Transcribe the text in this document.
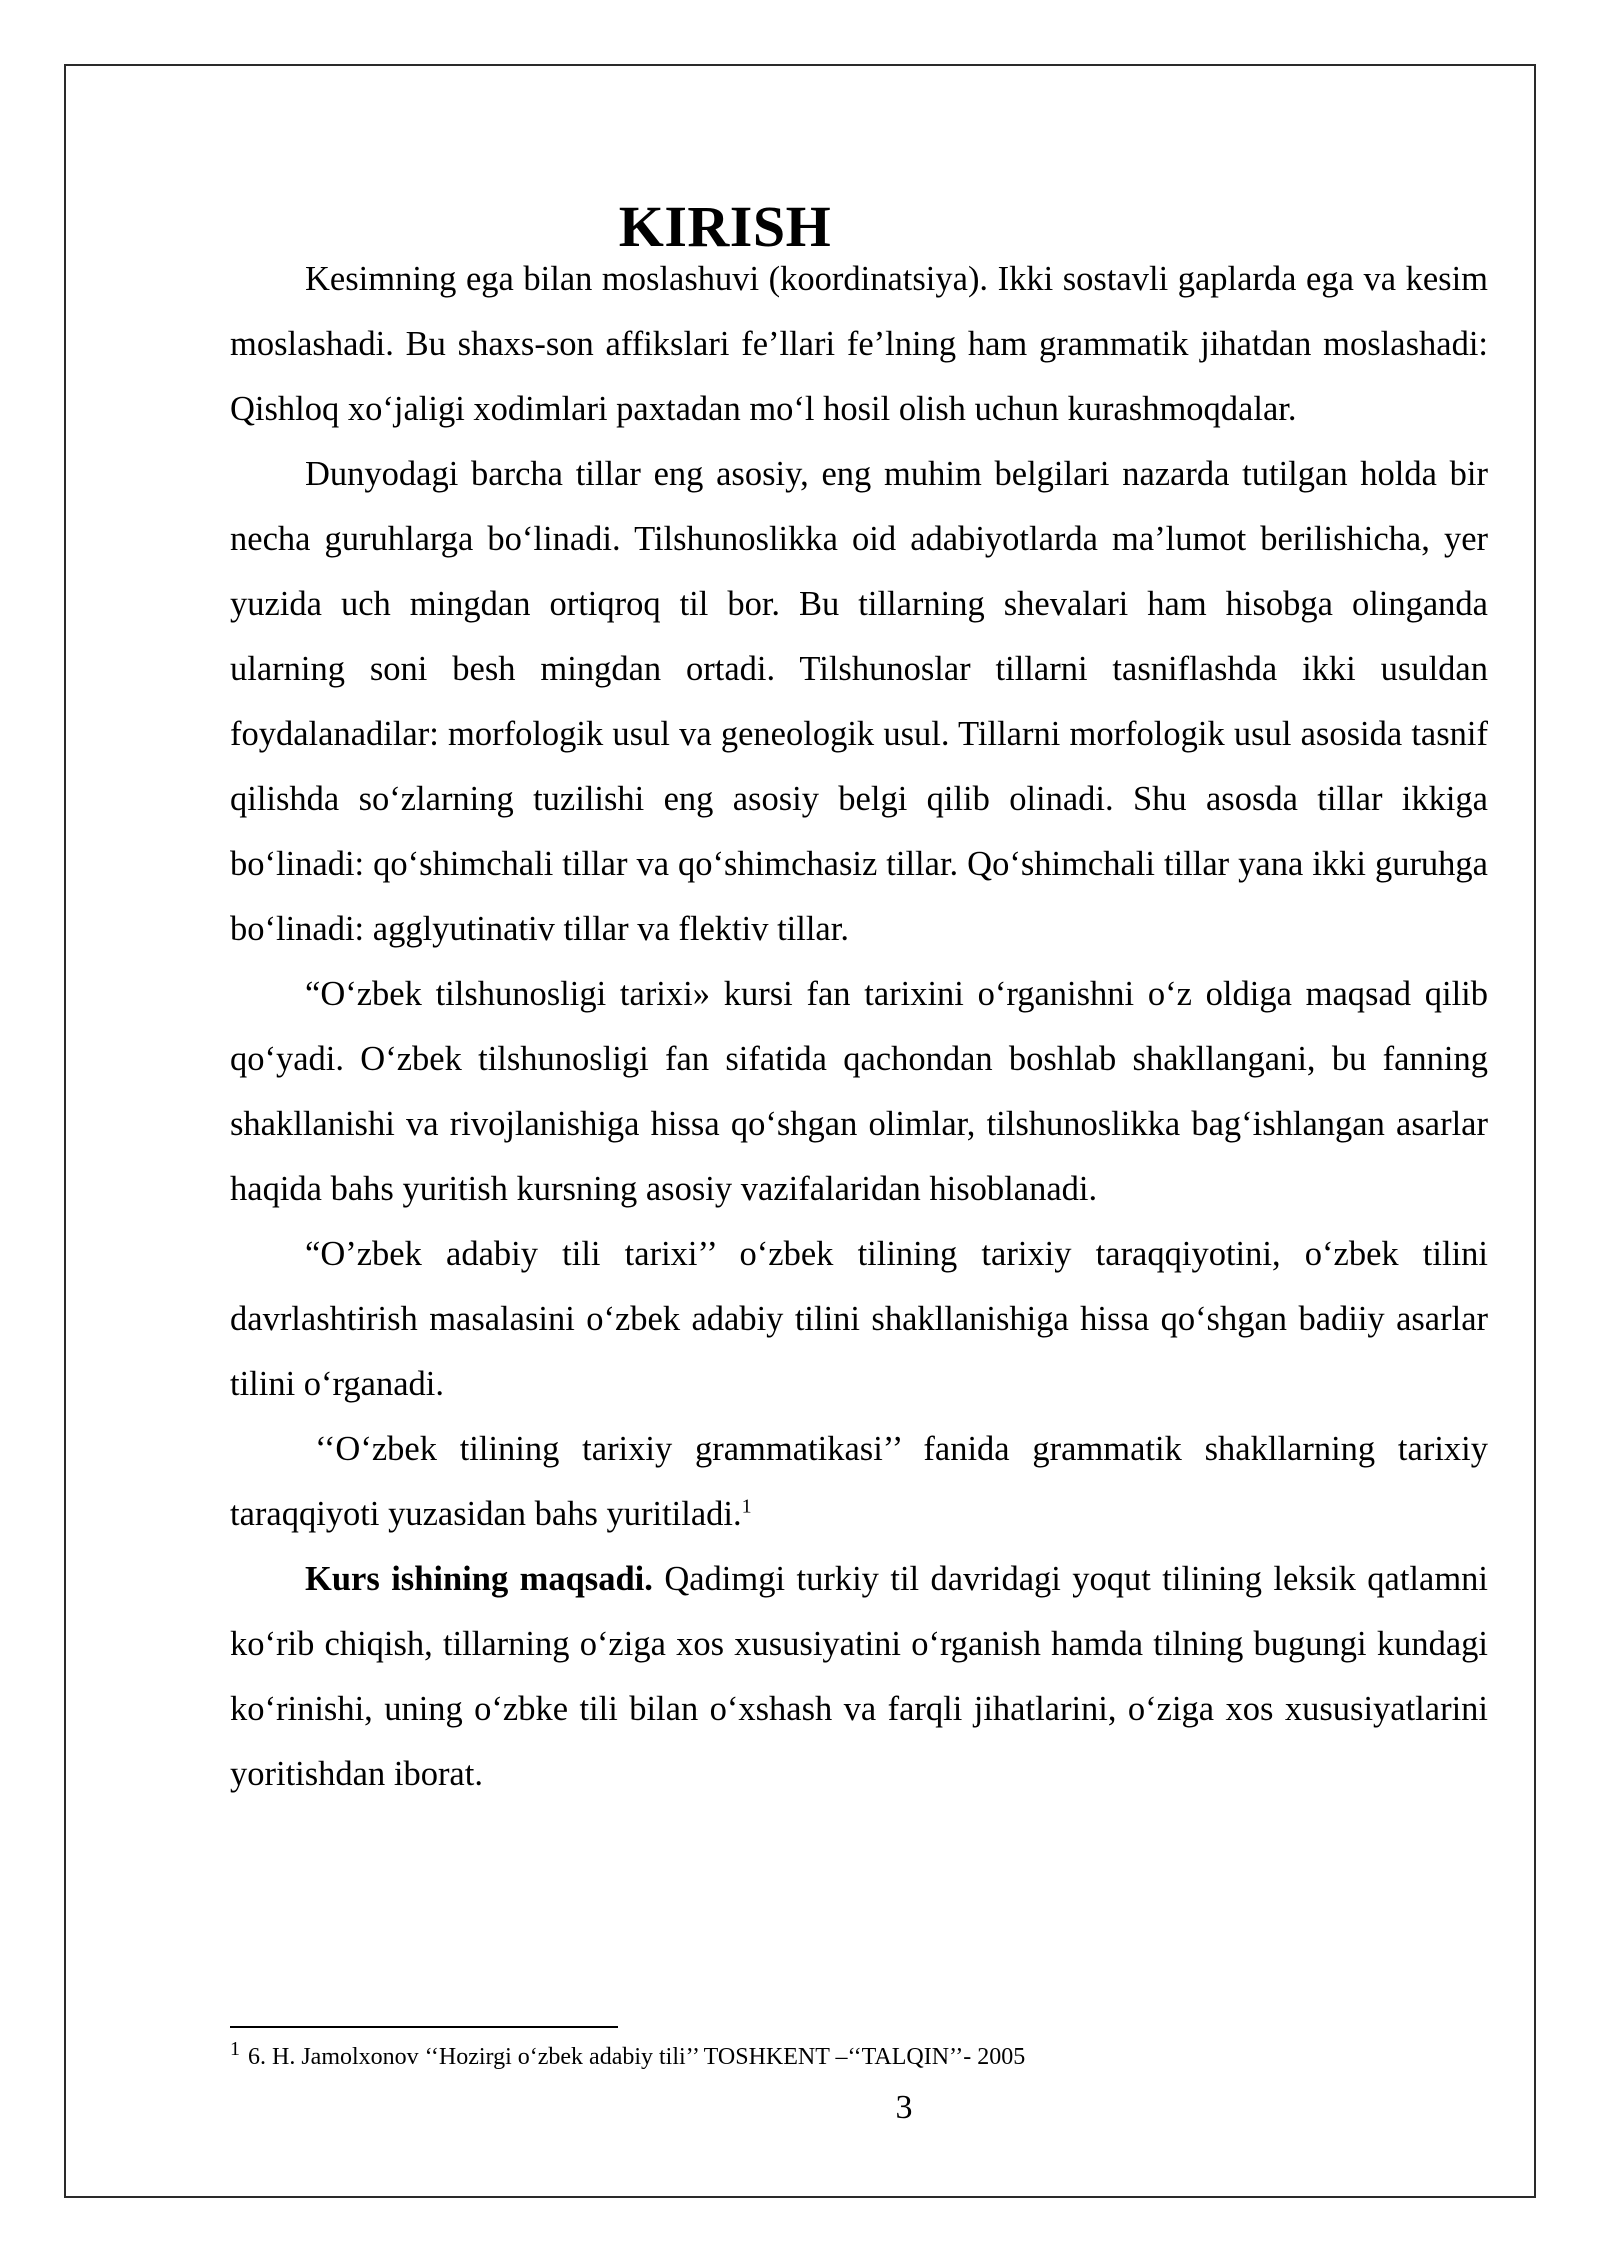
KIRISH

Kesimning ega bilan moslashuvi (koordinatsiya). Ikki sostavli gaplarda ega va kesim moslashadi. Bu shaxs-son affikslari fe’llari fe’lning ham grammatik jihatdan moslashadi: Qishloq xo‘jaligi xodimlari paxtadan mo‘l hosil olish uchun kurashmoqdalar.

Dunyodagi barcha tillar eng asosiy, eng muhim belgilari nazarda tutilgan holda bir necha guruhlarga bo‘linadi. Tilshunoslikka oid adabiyotlarda ma’lumot berilishicha, yer yuzida uch mingdan ortiqroq til bor. Bu tillarning shevalari ham hisobga olinganda ularning soni besh mingdan ortadi. Tilshunoslar tillarni tasniflashda ikki usuldan foydalanadilar: morfologik usul va geneologik usul. Tillarni morfologik usul asosida tasnif qilishda so‘zlarning tuzilishi eng asosiy belgi qilib olinadi. Shu asosda tillar ikkiga bo‘linadi: qo‘shimchali tillar va qo‘shimchasiz tillar. Qo‘shimchali tillar yana ikki guruhga bo‘linadi: agglyutinativ tillar va flektiv tillar.

“O‘zbek tilshunosligi tarixi» kursi fan tarixini o‘rganishni o‘z oldiga maqsad qilib qo‘yadi. O‘zbek tilshunosligi fan sifatida qachondan boshlab shakllangani, bu fanning shakllanishi va rivojlanishiga hissa qo‘shgan olimlar, tilshunoslikka bag‘ishlangan asarlar haqida bahs yuritish kursning asosiy vazifalaridan hisoblanadi.

“O’zbek adabiy tili tarixi’’ o‘zbek tilining tarixiy taraqqiyotini, o‘zbek tilini davrlashtirish masalasini o‘zbek adabiy tilini shakllanishiga hissa qo‘shgan badiiy asarlar tilini o‘rganadi.

‘‘O‘zbek tilining tarixiy grammatikasi’’ fanida grammatik shakllarning tarixiy taraqqiyoti yuzasidan bahs yuritiladi.$^1$

Kurs ishining maqsadi. Qadimgi turkiy til davridagi yoqut tilining leksik qatlamni ko‘rib chiqish, tillarning o‘ziga xos xususiyatini o‘rganish hamda tilning bugungi kundagi ko‘rinishi, uning o‘zbke tili bilan o‘xshash va farqli jihatlarini, o‘ziga xos xususiyatlarini yoritishdan iborat.

$^1$ 6. H. Jamolxonov ‘‘Hozirgi o‘zbek adabiy tili’’ TOSHKENT –‘‘TALQIN’’- 2005
3
